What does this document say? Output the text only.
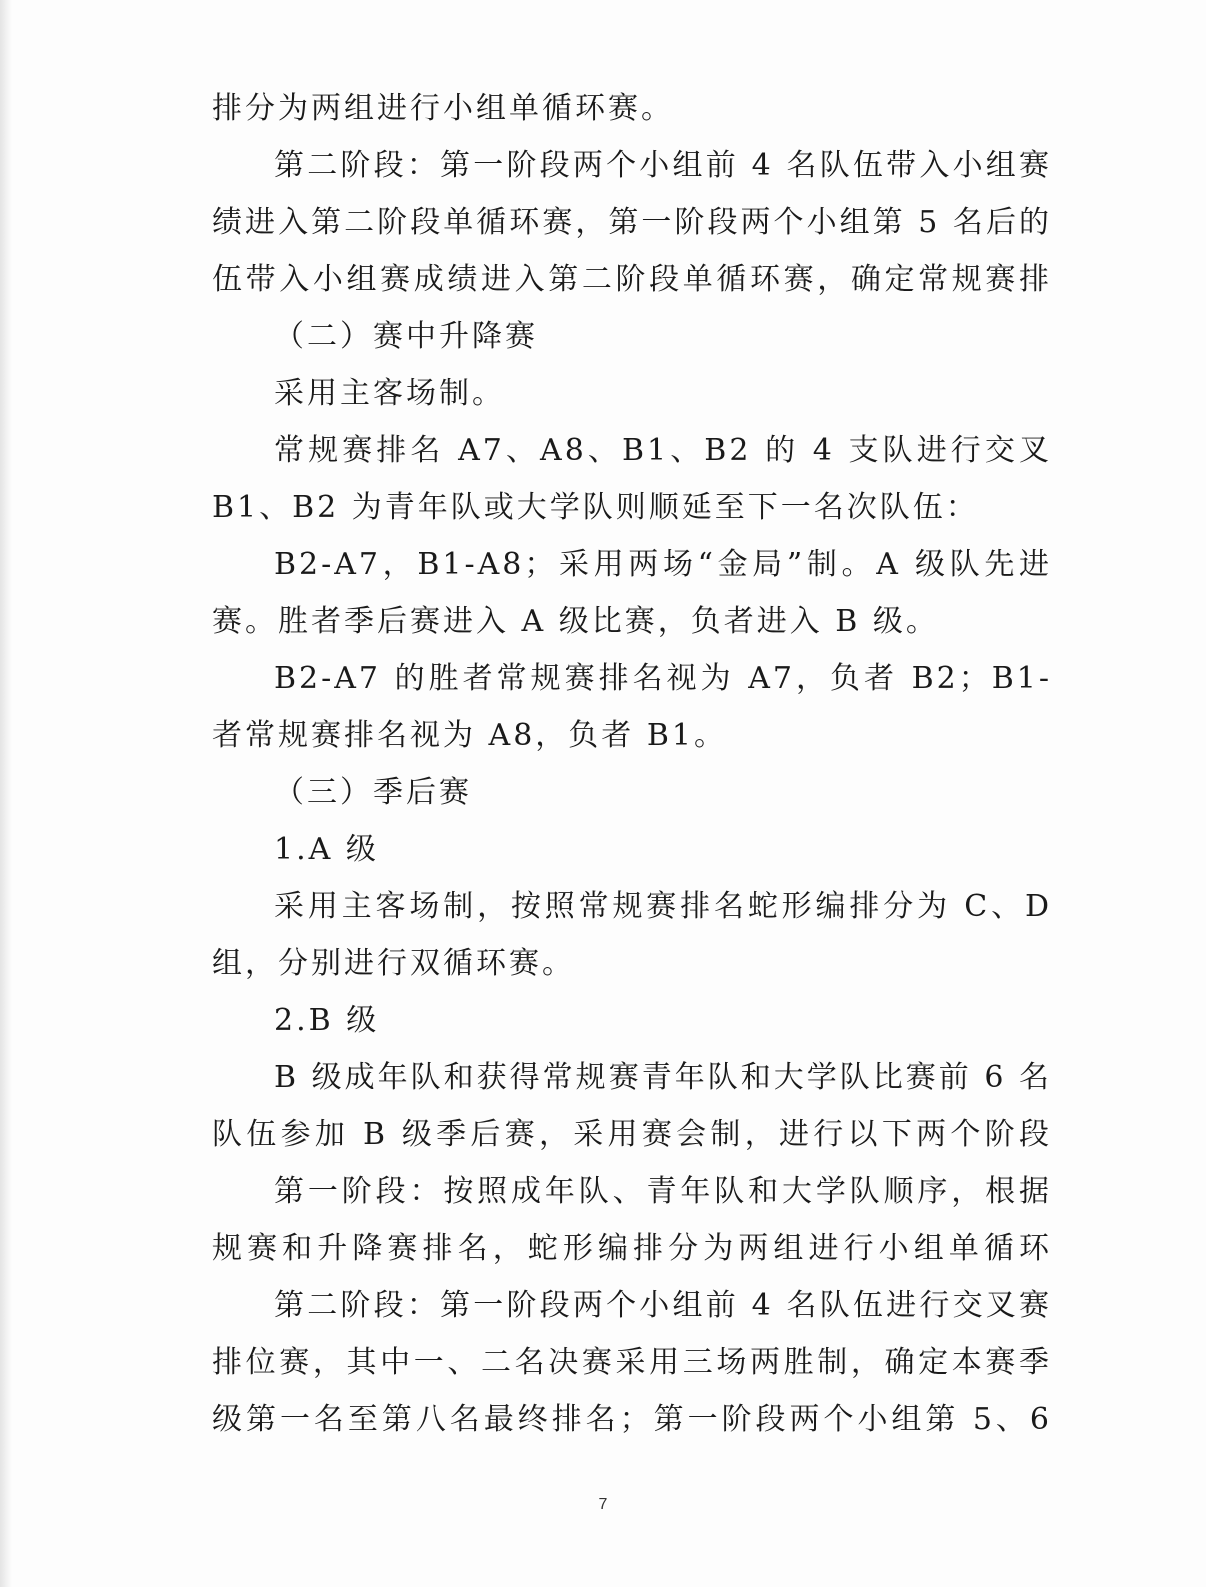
排分为两组进行小组单循环赛。
第二阶段：第一阶段两个小组前 4 名队伍带入小组赛
绩进入第二阶段单循环赛，第一阶段两个小组第 5 名后的
伍带入小组赛成绩进入第二阶段单循环赛，确定常规赛排
（二）赛中升降赛
采用主客场制。
常规赛排名 A7、A8、B1、B2 的 4 支队进行交叉
B1、B2 为青年队或大学队则顺延至下一名次队伍：
B2-A7，B1-A8；采用两场“金局”制。A 级队先进
赛。胜者季后赛进入 A 级比赛，负者进入 B 级。
B2-A7 的胜者常规赛排名视为 A7，负者 B2；B1-
者常规赛排名视为 A8，负者 B1。
（三）季后赛
1.A 级
采用主客场制，按照常规赛排名蛇形编排分为 C、D
组，分别进行双循环赛。
2.B 级
B 级成年队和获得常规赛青年队和大学队比赛前 6 名
队伍参加 B 级季后赛，采用赛会制，进行以下两个阶段
第一阶段：按照成年队、青年队和大学队顺序，根据
规赛和升降赛排名，蛇形编排分为两组进行小组单循环
第二阶段：第一阶段两个小组前 4 名队伍进行交叉赛
排位赛，其中一、二名决赛采用三场两胜制，确定本赛季
级第一名至第八名最终排名；第一阶段两个小组第 5、6
7
